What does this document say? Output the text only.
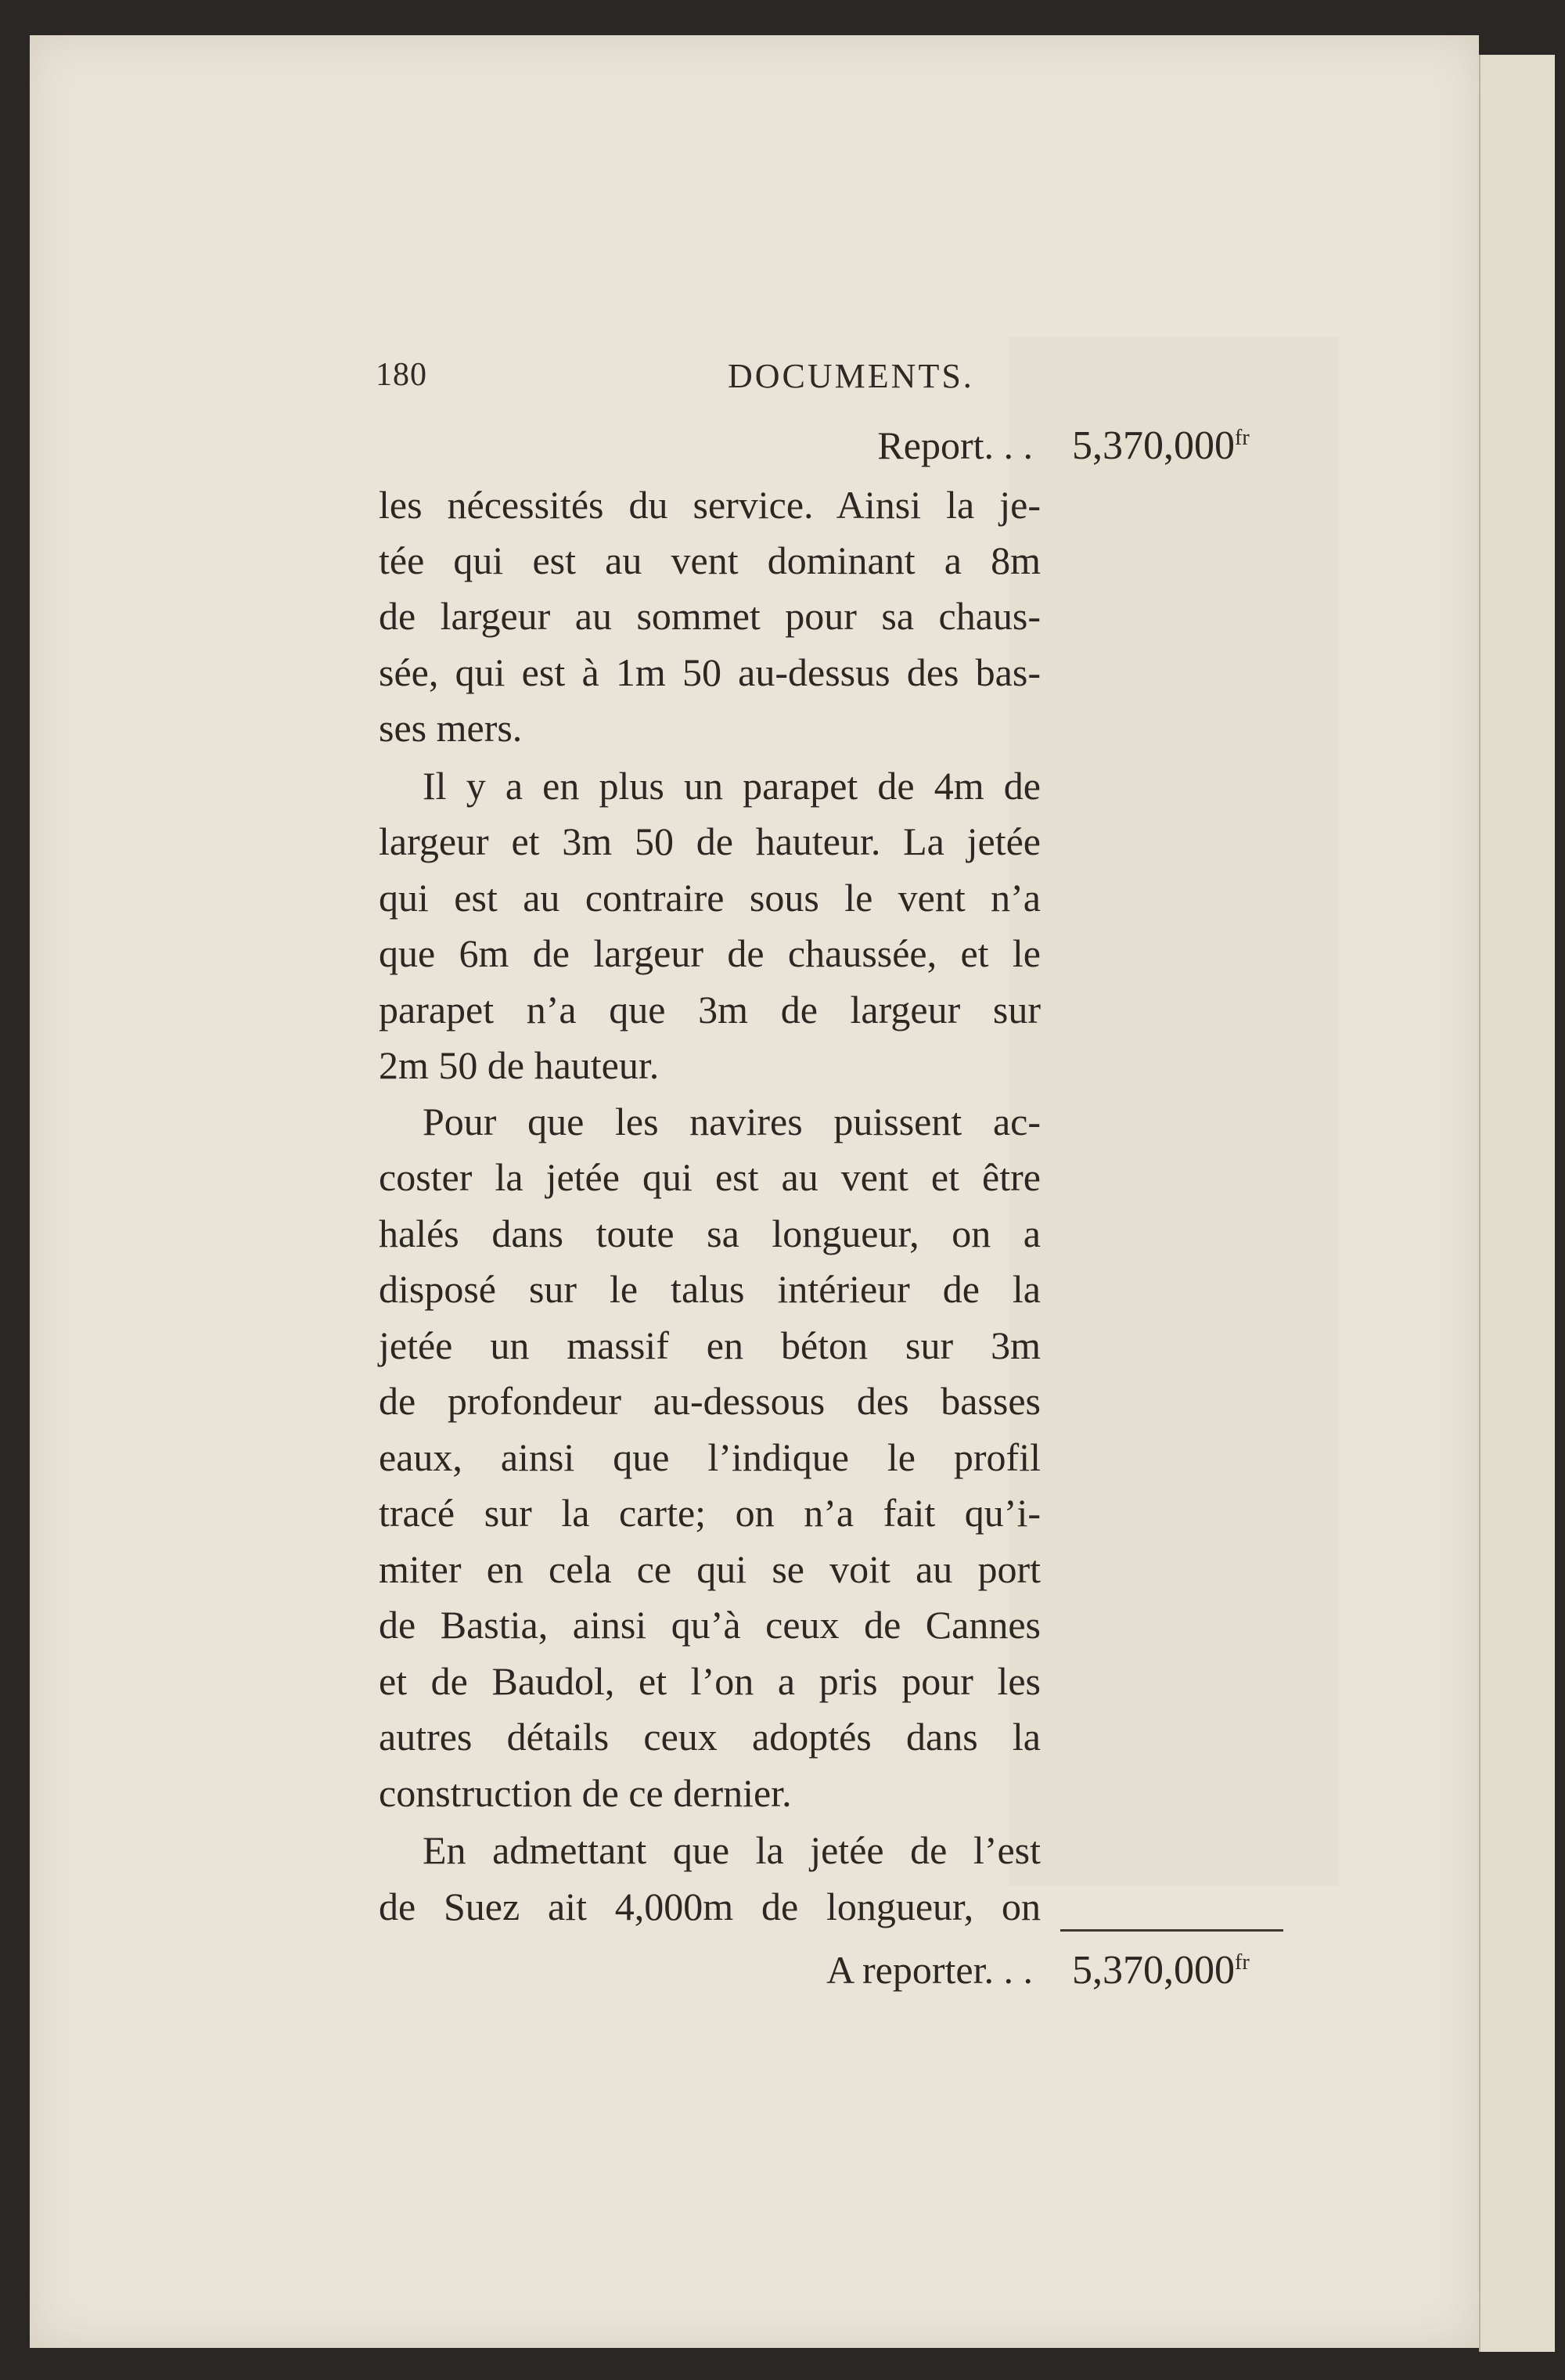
180	DOCUMENTS.
Report. . . $5,370,000^{fr}$
les nécessités du service. Ainsi la je-
tée qui est au vent dominant a 8m
de largeur au sommet pour sa chaus-
sée, qui est à 1m 50 au-dessus des bas-
ses mers.
Il y a en plus un parapet de 4m de
largeur et 3m 50 de hauteur. La jetée
qui est au contraire sous le vent n’a
que 6m de largeur de chaussée, et le
parapet n’a que 3m de largeur sur
2m 50 de hauteur.
Pour que les navires puissent ac-
coster la jetée qui est au vent et être
halés dans toute sa longueur, on a
disposé sur le talus intérieur de la
jetée un massif en béton sur 3m
de profondeur au-dessous des basses
eaux, ainsi que l’indique le profil
tracé sur la carte; on n’a fait qu’i-
miter en cela ce qui se voit au port
de Bastia, ainsi qu’à ceux de Cannes
et de Baudol, et l’on a pris pour les
autres détails ceux adoptés dans la
construction de ce dernier.
En admettant que la jetée de l’est
de Suez ait 4,000m de longueur, on
A reporter. . . $5,370,000^{fr}$
